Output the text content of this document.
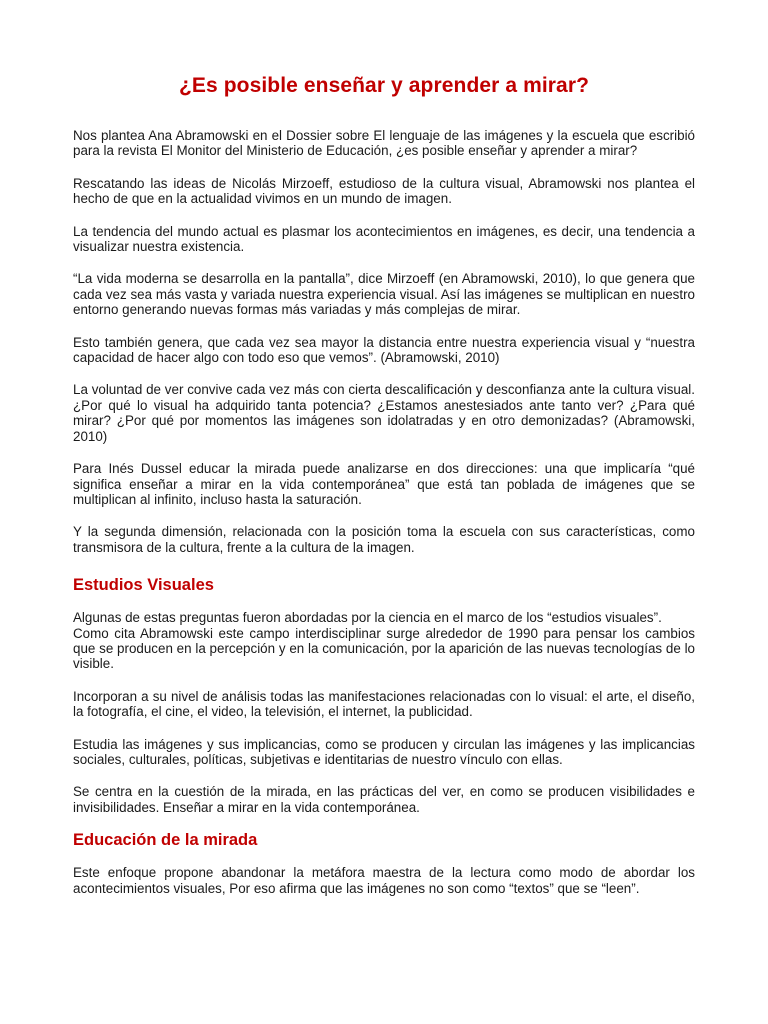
¿Es posible enseñar y aprender a mirar?

Nos plantea Ana Abramowski en el Dossier sobre El lenguaje de las imágenes y la escuela que escribió para la revista El Monitor del Ministerio de Educación, ¿es posible enseñar y aprender a mirar?

Rescatando las ideas de Nicolás Mirzoeff, estudioso de la cultura visual, Abramowski nos plantea el hecho de que en la actualidad vivimos en un mundo de imagen.

La tendencia del mundo actual es plasmar los acontecimientos en imágenes, es decir, una tendencia a visualizar nuestra existencia.

“La vida moderna se desarrolla en la pantalla”, dice Mirzoeff (en Abramowski, 2010), lo que genera que cada vez sea más vasta y variada nuestra experiencia visual. Así las imágenes se multiplican en nuestro entorno generando nuevas formas más variadas y más complejas de mirar.

Esto también genera, que cada vez sea mayor la distancia entre nuestra experiencia visual y “nuestra capacidad de hacer algo con todo eso que vemos”. (Abramowski, 2010)

La voluntad de ver convive cada vez más con cierta descalificación y desconfianza ante la cultura visual. ¿Por qué lo visual ha adquirido tanta potencia? ¿Estamos anestesiados ante tanto ver? ¿Para qué mirar? ¿Por qué por momentos las imágenes son idolatradas y en otro demonizadas? (Abramowski, 2010)

Para Inés Dussel educar la mirada puede analizarse en dos direcciones: una que implicaría “qué significa enseñar a mirar en la vida contemporánea” que está tan poblada de imágenes que se multiplican al infinito, incluso hasta la saturación.

Y la segunda dimensión, relacionada con la posición toma la escuela con sus características, como transmisora de la cultura, frente a la cultura de la imagen.

Estudios Visuales

Algunas de estas preguntas fueron abordadas por la ciencia en el marco de los “estudios visuales”.

Como cita Abramowski este campo interdisciplinar surge alrededor de 1990 para pensar los cambios que se producen en la percepción y en la comunicación, por la aparición de las nuevas tecnologías de lo visible.

Incorporan a su nivel de análisis todas las manifestaciones relacionadas con lo visual: el arte, el diseño, la fotografía, el cine, el video, la televisión, el internet, la publicidad.

Estudia las imágenes y sus implicancias, como se producen y circulan las imágenes y las implicancias sociales, culturales, políticas, subjetivas e identitarias de nuestro vínculo con ellas.

Se centra en la cuestión de la mirada, en las prácticas del ver, en como se producen visibilidades e invisibilidades. Enseñar a mirar en la vida contemporánea.

Educación de la mirada

Este enfoque propone abandonar la metáfora maestra de la lectura como modo de abordar los acontecimientos visuales, Por eso afirma que las imágenes no son como “textos” que se “leen”.
